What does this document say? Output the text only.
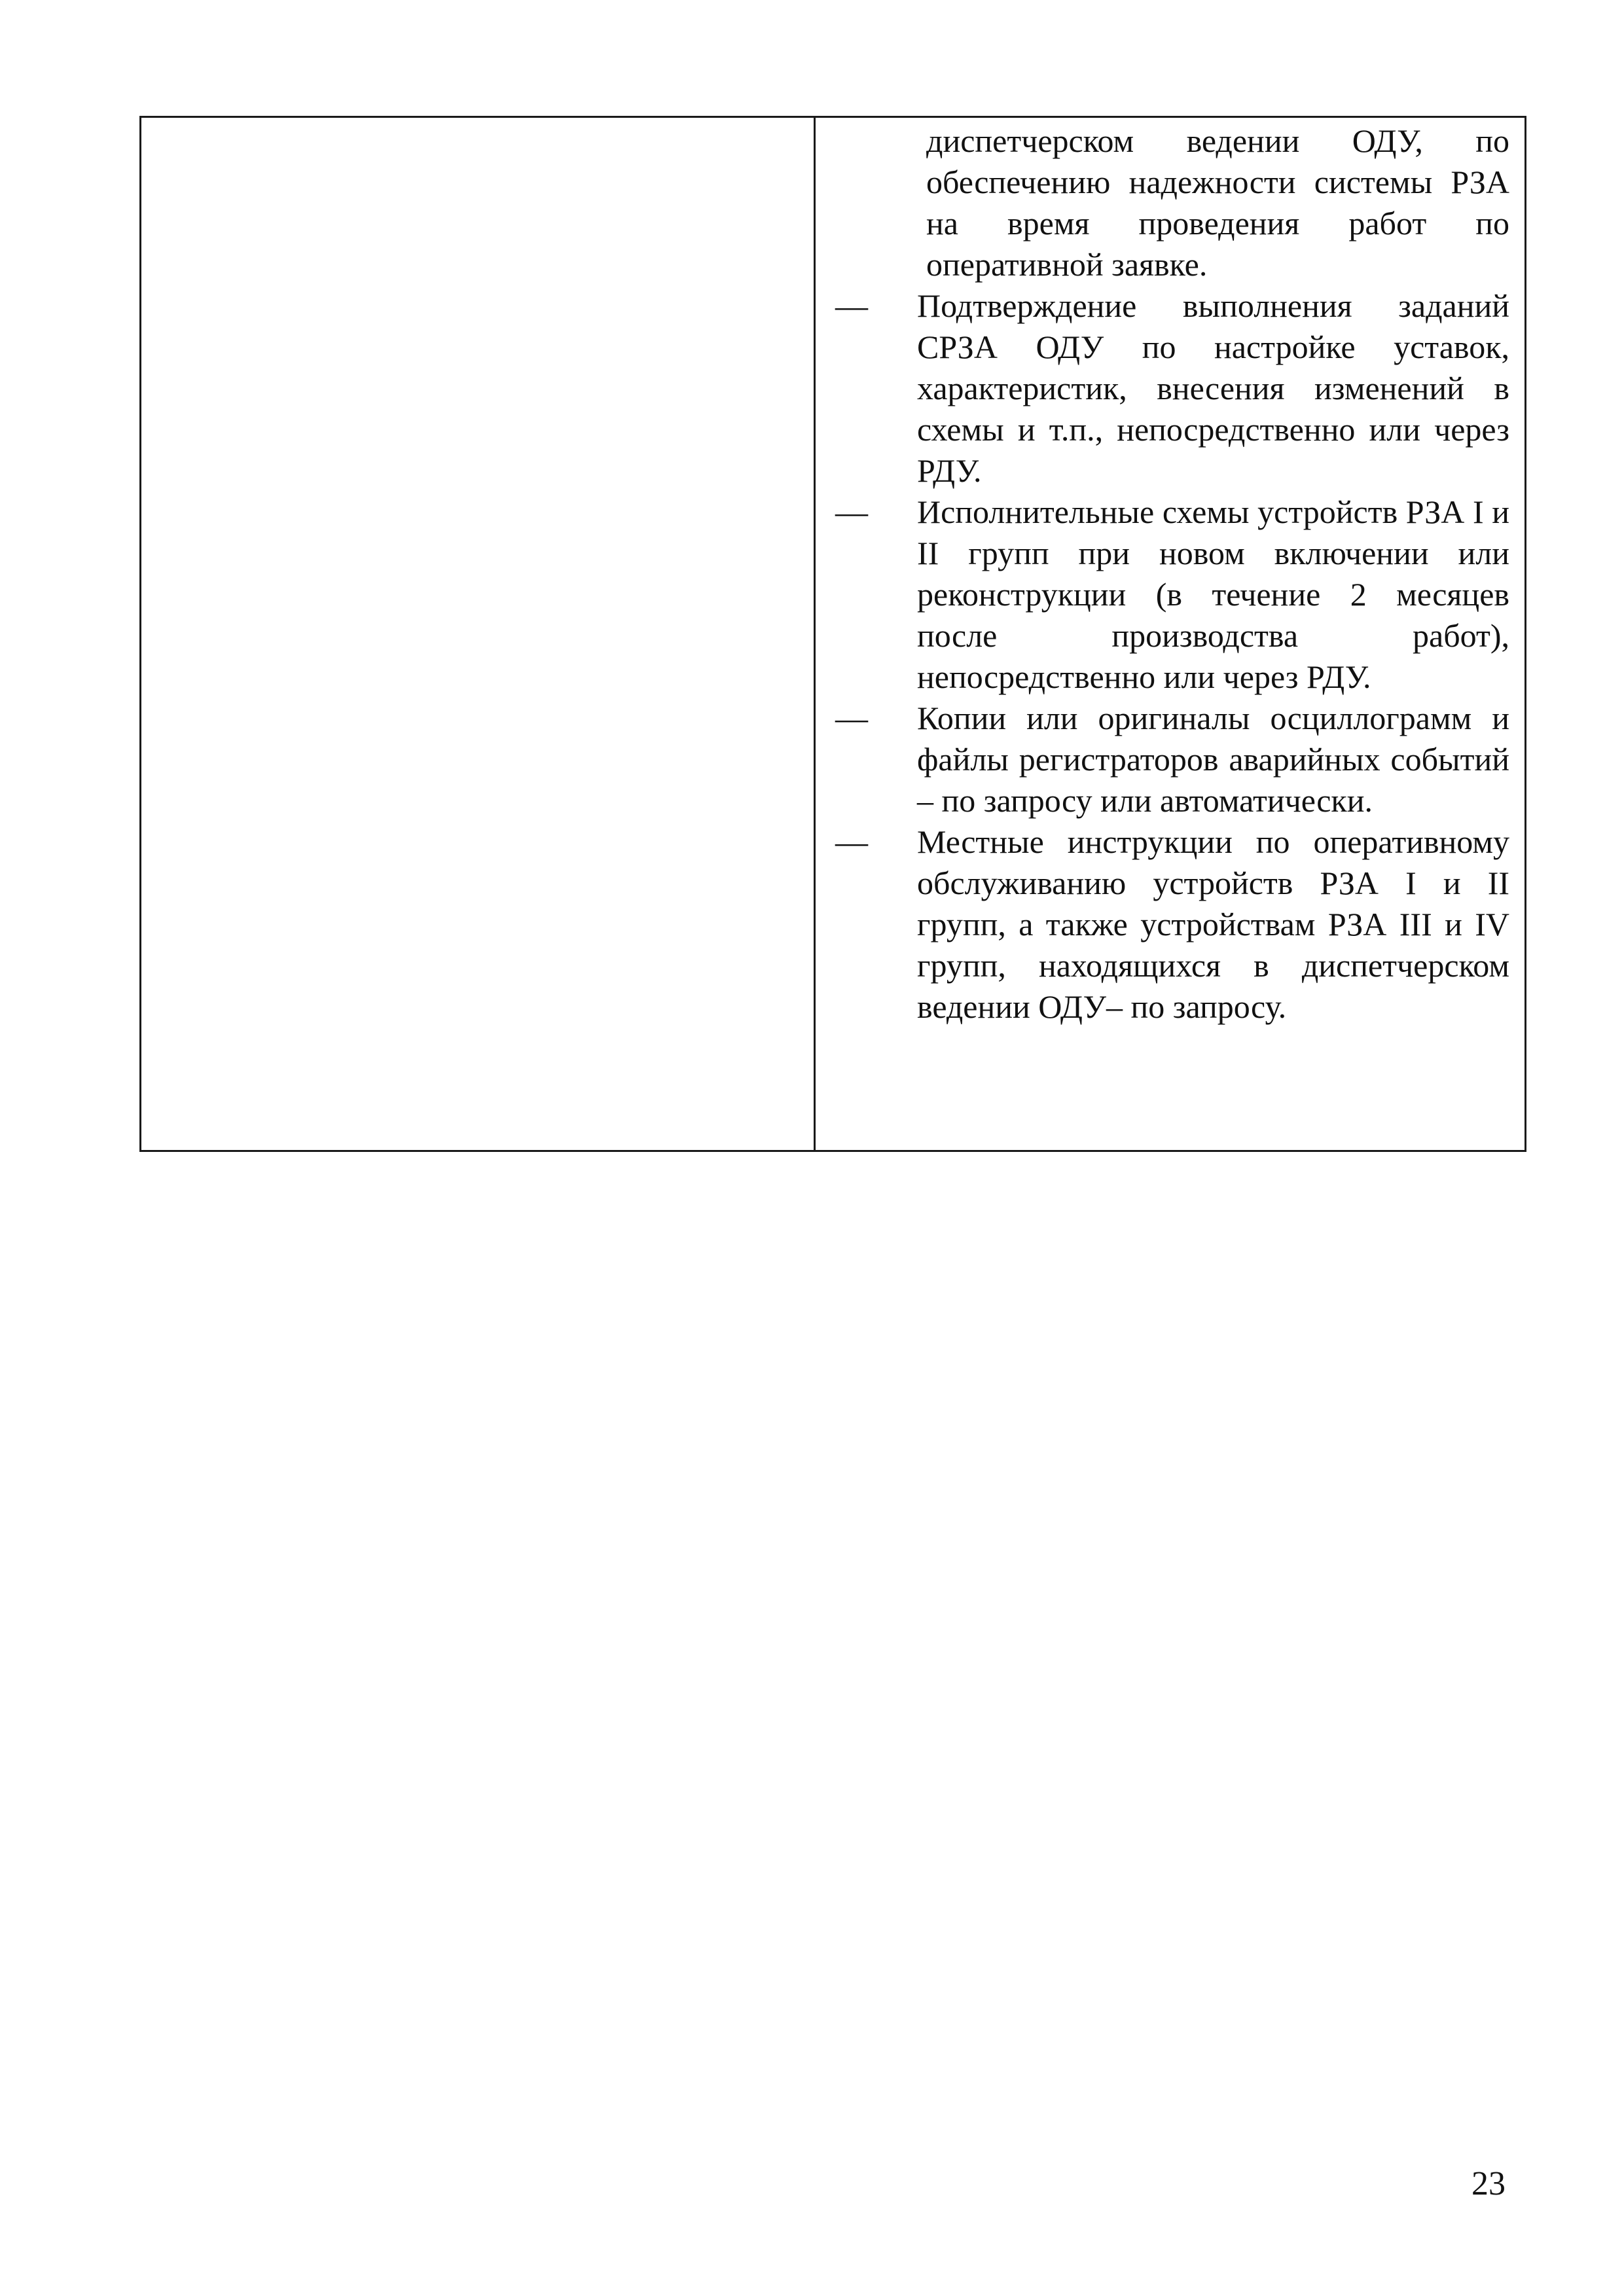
диспетчерском ведении ОДУ, по обеспечению надежности системы РЗА на время проведения работ по оперативной заявке.
— Подтверждение выполнения заданий СРЗА ОДУ по настройке уставок, характеристик, внесения изменений в схемы и т.п., непосредственно или через РДУ.
— Исполнительные схемы устройств РЗА I и II групп при новом включении или реконструкции (в течение 2 месяцев после производства работ), непосредственно или через РДУ.
— Копии или оригиналы осциллограмм и файлы регистраторов аварийных событий – по запросу или автоматически.
— Местные инструкции по оперативному обслуживанию устройств РЗА I и II групп, а также устройствам РЗА III и IV групп, находящихся в диспетчерском ведении ОДУ– по запросу.
23
